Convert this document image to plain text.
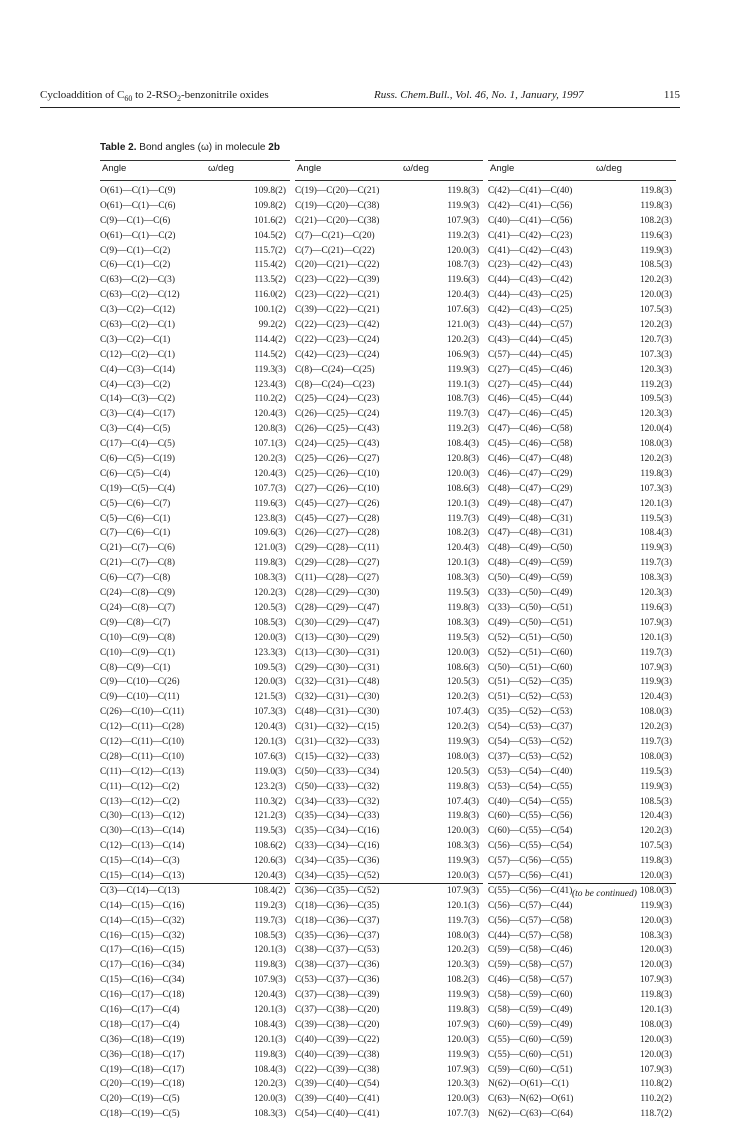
Cycloaddition of $C_{60}$ to $2-RSO_2$-benzonitrile oxides	Russ. Chem.Bull., Vol. 46, No. 1, January, 1997	115
Table 2. Bond angles (ω) in molecule 2b
Angle	ω/deg
O(61)—C(1)—C(9)	109.8(2)
O(61)—C(1)—C(6)	109.8(2)
C(9)—C(1)—C(6)	101.6(2)
O(61)—C(1)—C(2)	104.5(2)
C(9)—C(1)—C(2)	115.7(2)
C(6)—C(1)—C(2)	115.4(2)
C(63)—C(2)—C(3)	113.5(2)
C(63)—C(2)—C(12)	116.0(2)
C(3)—C(2)—C(12)	100.1(2)
C(63)—C(2)—C(1)	99.2(2)
C(3)—C(2)—C(1)	114.4(2)
C(12)—C(2)—C(1)	114.5(2)
C(4)—C(3)—C(14)	119.3(3)
C(4)—C(3)—C(2)	123.4(3)
C(14)—C(3)—C(2)	110.2(2)
C(3)—C(4)—C(17)	120.4(3)
C(3)—C(4)—C(5)	120.8(3)
C(17)—C(4)—C(5)	107.1(3)
C(6)—C(5)—C(19)	120.2(3)
C(6)—C(5)—C(4)	120.4(3)
C(19)—C(5)—C(4)	107.7(3)
C(5)—C(6)—C(7)	119.6(3)
C(5)—C(6)—C(1)	123.8(3)
C(7)—C(6)—C(1)	109.6(3)
C(21)—C(7)—C(6)	121.0(3)
C(21)—C(7)—C(8)	119.8(3)
C(6)—C(7)—C(8)	108.3(3)
C(24)—C(8)—C(9)	120.2(3)
C(24)—C(8)—C(7)	120.5(3)
C(9)—C(8)—C(7)	108.5(3)
C(10)—C(9)—C(8)	120.0(3)
C(10)—C(9)—C(1)	123.3(3)
C(8)—C(9)—C(1)	109.5(3)
C(9)—C(10)—C(26)	120.0(3)
C(9)—C(10)—C(11)	121.5(3)
C(26)—C(10)—C(11)	107.3(3)
C(12)—C(11)—C(28)	120.4(3)
C(12)—C(11)—C(10)	120.1(3)
C(28)—C(11)—C(10)	107.6(3)
C(11)—C(12)—C(13)	119.0(3)
C(11)—C(12)—C(2)	123.2(3)
C(13)—C(12)—C(2)	110.3(2)
C(30)—C(13)—C(12)	121.2(3)
C(30)—C(13)—C(14)	119.5(3)
C(12)—C(13)—C(14)	108.6(2)
C(15)—C(14)—C(3)	120.6(3)
C(15)—C(14)—C(13)	120.4(3)
C(3)—C(14)—C(13)	108.4(2)
C(14)—C(15)—C(16)	119.2(3)
C(14)—C(15)—C(32)	119.7(3)
C(16)—C(15)—C(32)	108.5(3)
C(17)—C(16)—C(15)	120.1(3)
C(17)—C(16)—C(34)	119.8(3)
C(15)—C(16)—C(34)	107.9(3)
C(16)—C(17)—C(18)	120.4(3)
C(16)—C(17)—C(4)	120.1(3)
C(18)—C(17)—C(4)	108.4(3)
C(36)—C(18)—C(19)	120.1(3)
C(36)—C(18)—C(17)	119.8(3)
C(19)—C(18)—C(17)	108.4(3)
C(20)—C(19)—C(18)	120.2(3)
C(20)—C(19)—C(5)	120.0(3)
C(18)—C(19)—C(5)	108.3(3)
Angle	ω/deg
C(19)—C(20)—C(21)	119.8(3)
C(19)—C(20)—C(38)	119.9(3)
C(21)—C(20)—C(38)	107.9(3)
C(7)—C(21)—C(20)	119.2(3)
C(7)—C(21)—C(22)	120.0(3)
C(20)—C(21)—C(22)	108.7(3)
C(23)—C(22)—C(39)	119.6(3)
C(23)—C(22)—C(21)	120.4(3)
C(39)—C(22)—C(21)	107.6(3)
C(22)—C(23)—C(42)	121.0(3)
C(22)—C(23)—C(24)	120.2(3)
C(42)—C(23)—C(24)	106.9(3)
C(8)—C(24)—C(25)	119.9(3)
C(8)—C(24)—C(23)	119.1(3)
C(25)—C(24)—C(23)	108.7(3)
C(26)—C(25)—C(24)	119.7(3)
C(26)—C(25)—C(43)	119.2(3)
C(24)—C(25)—C(43)	108.4(3)
C(25)—C(26)—C(27)	120.8(3)
C(25)—C(26)—C(10)	120.0(3)
C(27)—C(26)—C(10)	108.6(3)
C(45)—C(27)—C(26)	120.1(3)
C(45)—C(27)—C(28)	119.7(3)
C(26)—C(27)—C(28)	108.2(3)
C(29)—C(28)—C(11)	120.4(3)
C(29)—C(28)—C(27)	120.1(3)
C(11)—C(28)—C(27)	108.3(3)
C(28)—C(29)—C(30)	119.5(3)
C(28)—C(29)—C(47)	119.8(3)
C(30)—C(29)—C(47)	108.3(3)
C(13)—C(30)—C(29)	119.5(3)
C(13)—C(30)—C(31)	120.0(3)
C(29)—C(30)—C(31)	108.6(3)
C(32)—C(31)—C(48)	120.5(3)
C(32)—C(31)—C(30)	120.2(3)
C(48)—C(31)—C(30)	107.4(3)
C(31)—C(32)—C(15)	120.2(3)
C(31)—C(32)—C(33)	119.9(3)
C(15)—C(32)—C(33)	108.0(3)
C(50)—C(33)—C(34)	120.5(3)
C(50)—C(33)—C(32)	119.8(3)
C(34)—C(33)—C(32)	107.4(3)
C(35)—C(34)—C(33)	119.8(3)
C(35)—C(34)—C(16)	120.0(3)
C(33)—C(34)—C(16)	108.3(3)
C(34)—C(35)—C(36)	119.9(3)
C(34)—C(35)—C(52)	120.0(3)
C(36)—C(35)—C(52)	107.9(3)
C(18)—C(36)—C(35)	120.1(3)
C(18)—C(36)—C(37)	119.7(3)
C(35)—C(36)—C(37)	108.0(3)
C(38)—C(37)—C(53)	120.2(3)
C(38)—C(37)—C(36)	120.3(3)
C(53)—C(37)—C(36)	108.2(3)
C(37)—C(38)—C(39)	119.9(3)
C(37)—C(38)—C(20)	119.8(3)
C(39)—C(38)—C(20)	107.9(3)
C(40)—C(39)—C(22)	120.0(3)
C(40)—C(39)—C(38)	119.9(3)
C(22)—C(39)—C(38)	107.9(3)
C(39)—C(40)—C(54)	120.3(3)
C(39)—C(40)—C(41)	120.0(3)
C(54)—C(40)—C(41)	107.7(3)
Angle	ω/deg
C(42)—C(41)—C(40)	119.8(3)
C(42)—C(41)—C(56)	119.8(3)
C(40)—C(41)—C(56)	108.2(3)
C(41)—C(42)—C(23)	119.6(3)
C(41)—C(42)—C(43)	119.9(3)
C(23)—C(42)—C(43)	108.5(3)
C(44)—C(43)—C(42)	120.2(3)
C(44)—C(43)—C(25)	120.0(3)
C(42)—C(43)—C(25)	107.5(3)
C(43)—C(44)—C(57)	120.2(3)
C(43)—C(44)—C(45)	120.7(3)
C(57)—C(44)—C(45)	107.3(3)
C(27)—C(45)—C(46)	120.3(3)
C(27)—C(45)—C(44)	119.2(3)
C(46)—C(45)—C(44)	109.5(3)
C(47)—C(46)—C(45)	120.3(3)
C(47)—C(46)—C(58)	120.0(4)
C(45)—C(46)—C(58)	108.0(3)
C(46)—C(47)—C(48)	120.2(3)
C(46)—C(47)—C(29)	119.8(3)
C(48)—C(47)—C(29)	107.3(3)
C(49)—C(48)—C(47)	120.1(3)
C(49)—C(48)—C(31)	119.5(3)
C(47)—C(48)—C(31)	108.4(3)
C(48)—C(49)—C(50)	119.9(3)
C(48)—C(49)—C(59)	119.7(3)
C(50)—C(49)—C(59)	108.3(3)
C(33)—C(50)—C(49)	120.3(3)
C(33)—C(50)—C(51)	119.6(3)
C(49)—C(50)—C(51)	107.9(3)
C(52)—C(51)—C(50)	120.1(3)
C(52)—C(51)—C(60)	119.7(3)
C(50)—C(51)—C(60)	107.9(3)
C(51)—C(52)—C(35)	119.9(3)
C(51)—C(52)—C(53)	120.4(3)
C(35)—C(52)—C(53)	108.0(3)
C(54)—C(53)—C(37)	120.2(3)
C(54)—C(53)—C(52)	119.7(3)
C(37)—C(53)—C(52)	108.0(3)
C(53)—C(54)—C(40)	119.5(3)
C(53)—C(54)—C(55)	119.9(3)
C(40)—C(54)—C(55)	108.5(3)
C(60)—C(55)—C(56)	120.4(3)
C(60)—C(55)—C(54)	120.2(3)
C(56)—C(55)—C(54)	107.5(3)
C(57)—C(56)—C(55)	119.8(3)
C(57)—C(56)—C(41)	120.0(3)
C(55)—C(56)—C(41)	108.0(3)
C(56)—C(57)—C(44)	119.9(3)
C(56)—C(57)—C(58)	120.0(3)
C(44)—C(57)—C(58)	108.3(3)
C(59)—C(58)—C(46)	120.0(3)
C(59)—C(58)—C(57)	120.0(3)
C(46)—C(58)—C(57)	107.9(3)
C(58)—C(59)—C(60)	119.8(3)
C(58)—C(59)—C(49)	120.1(3)
C(60)—C(59)—C(49)	108.0(3)
C(55)—C(60)—C(59)	120.0(3)
C(55)—C(60)—C(51)	120.0(3)
C(59)—C(60)—C(51)	107.9(3)
N(62)—O(61)—C(1)	110.8(2)
C(63)—N(62)—O(61)	110.2(2)
N(62)—C(63)—C(64)	118.7(2)
(to be continued)
